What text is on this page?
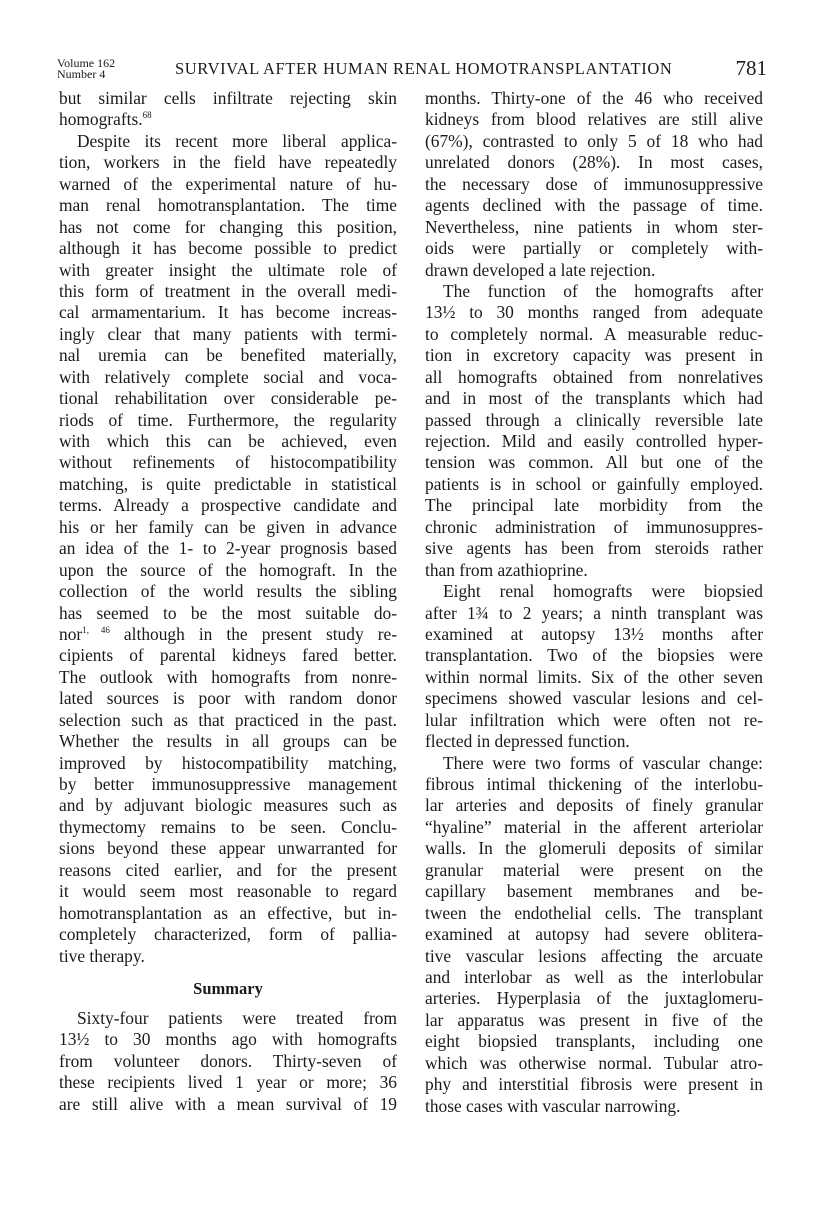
Volume 162
Number 4	SURVIVAL AFTER HUMAN RENAL HOMOTRANSPLANTATION	781
but similar cells infiltrate rejecting skin
homografts.$^{68}$
Despite its recent more liberal applica-
tion, workers in the field have repeatedly
warned of the experimental nature of hu-
man renal homotransplantation. The time
has not come for changing this position,
although it has become possible to predict
with greater insight the ultimate role of
this form of treatment in the overall medi-
cal armamentarium. It has become increas-
ingly clear that many patients with termi-
nal uremia can be benefited materially,
with relatively complete social and voca-
tional rehabilitation over considerable pe-
riods of time. Furthermore, the regularity
with which this can be achieved, even
without refinements of histocompatibility
matching, is quite predictable in statistical
terms. Already a prospective candidate and
his or her family can be given in advance
an idea of the 1- to 2-year prognosis based
upon the source of the homograft. In the
collection of the world results the sibling
has seemed to be the most suitable do-
nor$^{1, 46}$ although in the present study re-
cipients of parental kidneys fared better.
The outlook with homografts from nonre-
lated sources is poor with random donor
selection such as that practiced in the past.
Whether the results in all groups can be
improved by histocompatibility matching,
by better immunosuppressive management
and by adjuvant biologic measures such as
thymectomy remains to be seen. Conclu-
sions beyond these appear unwarranted for
reasons cited earlier, and for the present
it would seem most reasonable to regard
homotransplantation as an effective, but in-
completely characterized, form of pallia-
tive therapy.
Summary
Sixty-four patients were treated from
13½ to 30 months ago with homografts
from volunteer donors. Thirty-seven of
these recipients lived 1 year or more; 36
are still alive with a mean survival of 19
months. Thirty-one of the 46 who received
kidneys from blood relatives are still alive
(67%), contrasted to only 5 of 18 who had
unrelated donors (28%). In most cases,
the necessary dose of immunosuppressive
agents declined with the passage of time.
Nevertheless, nine patients in whom ster-
oids were partially or completely with-
drawn developed a late rejection.
The function of the homografts after
13½ to 30 months ranged from adequate
to completely normal. A measurable reduc-
tion in excretory capacity was present in
all homografts obtained from nonrelatives
and in most of the transplants which had
passed through a clinically reversible late
rejection. Mild and easily controlled hyper-
tension was common. All but one of the
patients is in school or gainfully employed.
The principal late morbidity from the
chronic administration of immunosuppres-
sive agents has been from steroids rather
than from azathioprine.
Eight renal homografts were biopsied
after 1¾ to 2 years; a ninth transplant was
examined at autopsy 13½ months after
transplantation. Two of the biopsies were
within normal limits. Six of the other seven
specimens showed vascular lesions and cel-
lular infiltration which were often not re-
flected in depressed function.
There were two forms of vascular change:
fibrous intimal thickening of the interlobu-
lar arteries and deposits of finely granular
“hyaline” material in the afferent arteriolar
walls. In the glomeruli deposits of similar
granular material were present on the
capillary basement membranes and be-
tween the endothelial cells. The transplant
examined at autopsy had severe oblitera-
tive vascular lesions affecting the arcuate
and interlobar as well as the interlobular
arteries. Hyperplasia of the juxtaglomeru-
lar apparatus was present in five of the
eight biopsied transplants, including one
which was otherwise normal. Tubular atro-
phy and interstitial fibrosis were present in
those cases with vascular narrowing.
